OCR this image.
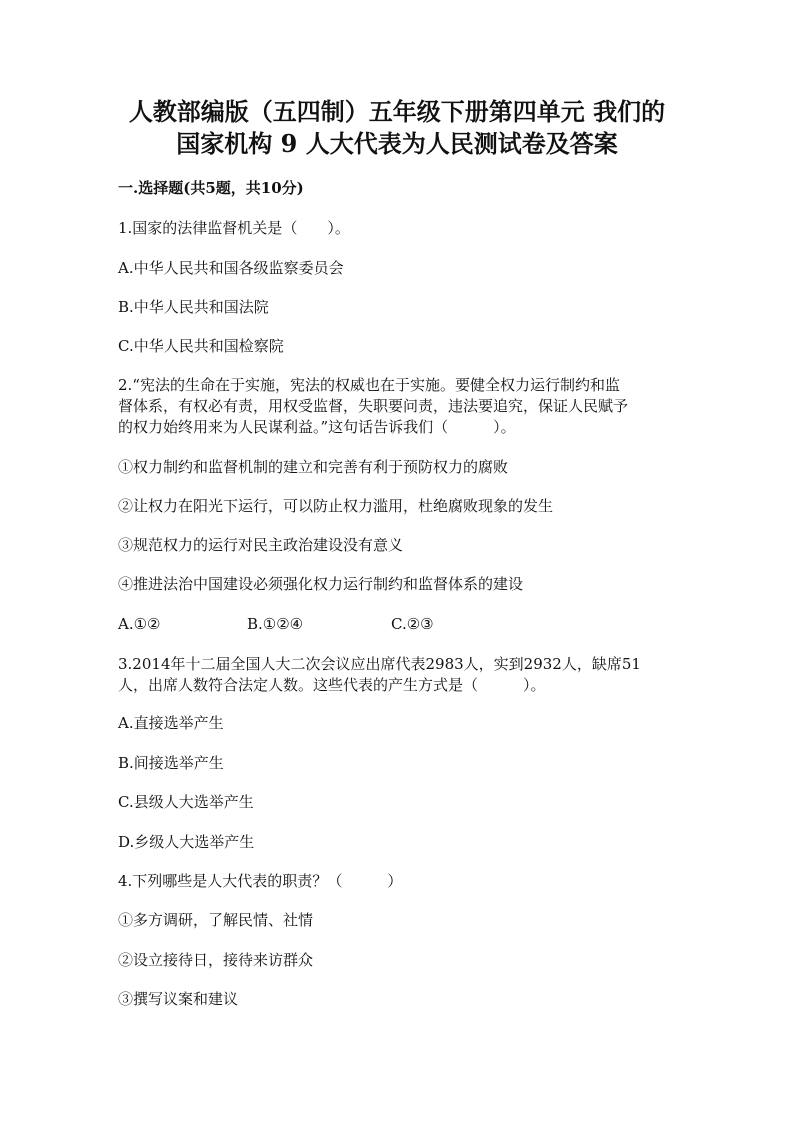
人教部编版（五四制）五年级下册第四单元 我们的
国家机构 9 人大代表为人民测试卷及答案
一.选择题(共5题，共10分)
1.国家的法律监督机关是（　　）。
A.中华人民共和国各级监察委员会
B.中华人民共和国法院
C.中华人民共和国检察院
2.“宪法的生命在于实施，宪法的权威也在于实施。要健全权力运行制约和监
督体系，有权必有责，用权受监督，失职要问责，违法要追究，保证人民赋予
的权力始终用来为人民谋利益。”这句话告诉我们（　　　）。
①权力制约和监督机制的建立和完善有利于预防权力的腐败
②让权力在阳光下运行，可以防止权力滥用，杜绝腐败现象的发生
③规范权力的运行对民主政治建设没有意义
④推进法治中国建设必须强化权力运行制约和监督体系的建设
A.①②	B.①②④	C.②③
3.2014年十二届全国人大二次会议应出席代表2983人，实到2932人，缺席51
人，出席人数符合法定人数。这些代表的产生方式是（　　　）。
A.直接选举产生
B.间接选举产生
C.县级人大选举产生
D.乡级人大选举产生
4.下列哪些是人大代表的职责？（　　　）
①多方调研，了解民情、社情
②设立接待日，接待来访群众
③撰写议案和建议
